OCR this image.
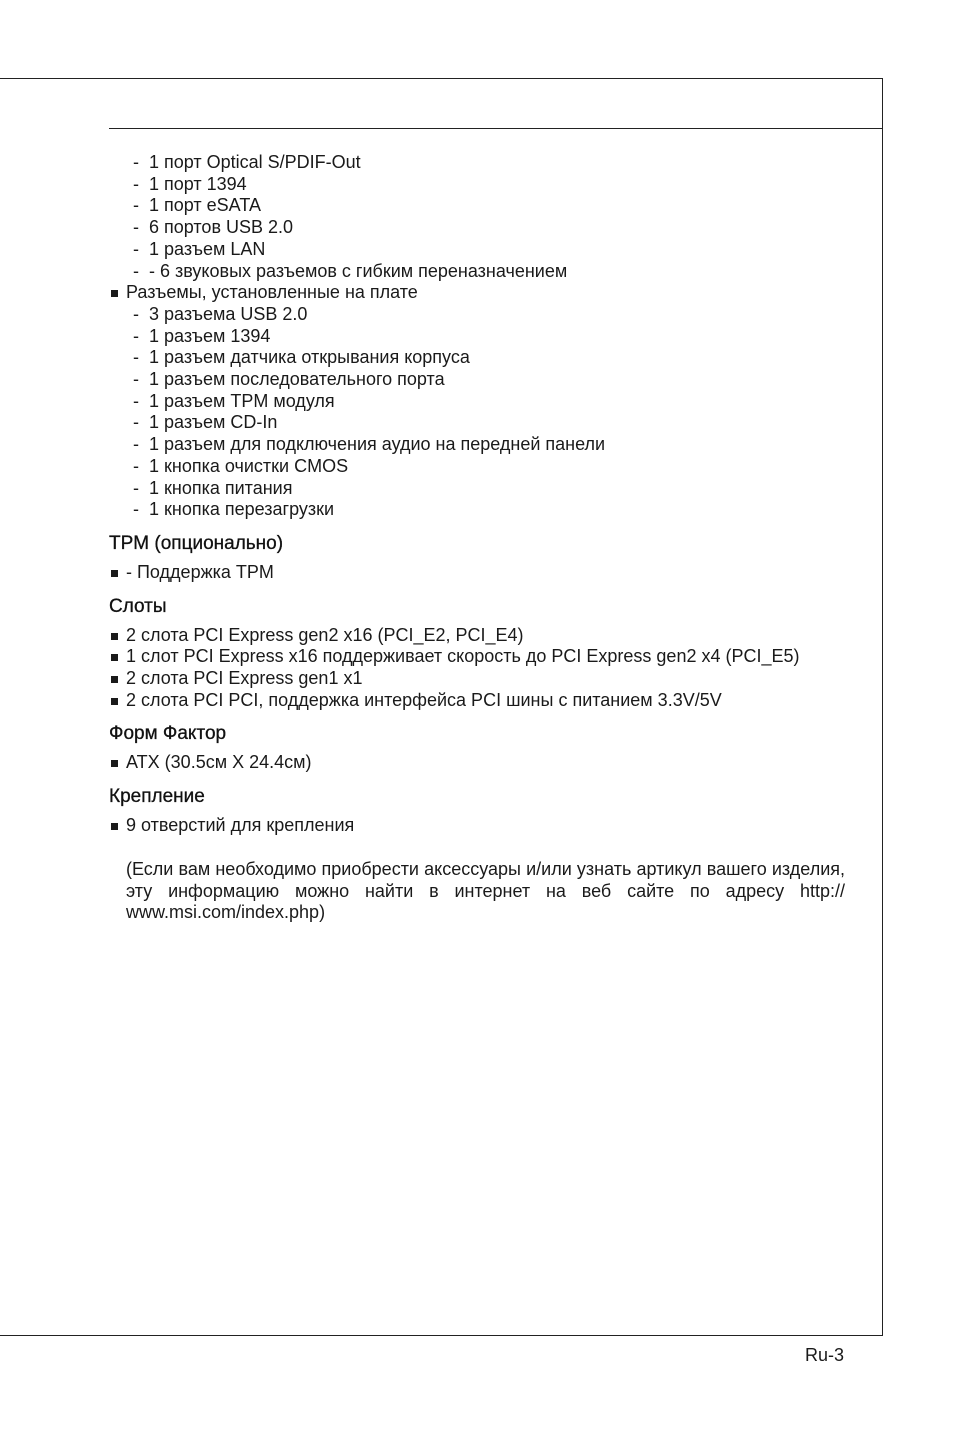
-  1 порт Optical S/PDIF-Out
-  1 порт 1394
-  1 порт eSATA
-  6 портов USB 2.0
-  1 разъем LAN
-  - 6 звуковых разъемов с гибким переназначением
Разъемы, установленные на плате
-  3 разъема USB 2.0
-  1 разъем 1394
-  1 разъем датчика открывания корпуса
-  1 разъем последовательного порта
-  1 разъем TPM модуля
-  1 разъем CD-In
-  1 разъем для подключения аудио на передней панели
-  1 кнопка очистки CMOS
-  1 кнопка питания
-  1 кнопка перезагрузки
TPM (опционально)
- Поддержка TPM
Слоты
2 слота PCI Express gen2 x16 (PCI_E2, PCI_E4)
1 слот PCI Express x16 поддерживает скорость до PCI Express gen2 x4 (PCI_E5)
2 слота PCI Express gen1 x1
2 слота PCI PCI, поддержка интерфейса PCI шины с питанием 3.3V/5V
Форм Фактор
ATX (30.5см X 24.4см)
Крепление
9 отверстий для крепления
(Если вам необходимо приобрести аксессуары и/или узнать артикул вашего изделия, эту информацию можно найти в интернет на веб сайте по адресу http:// www.msi.com/index.php)
Ru-3
